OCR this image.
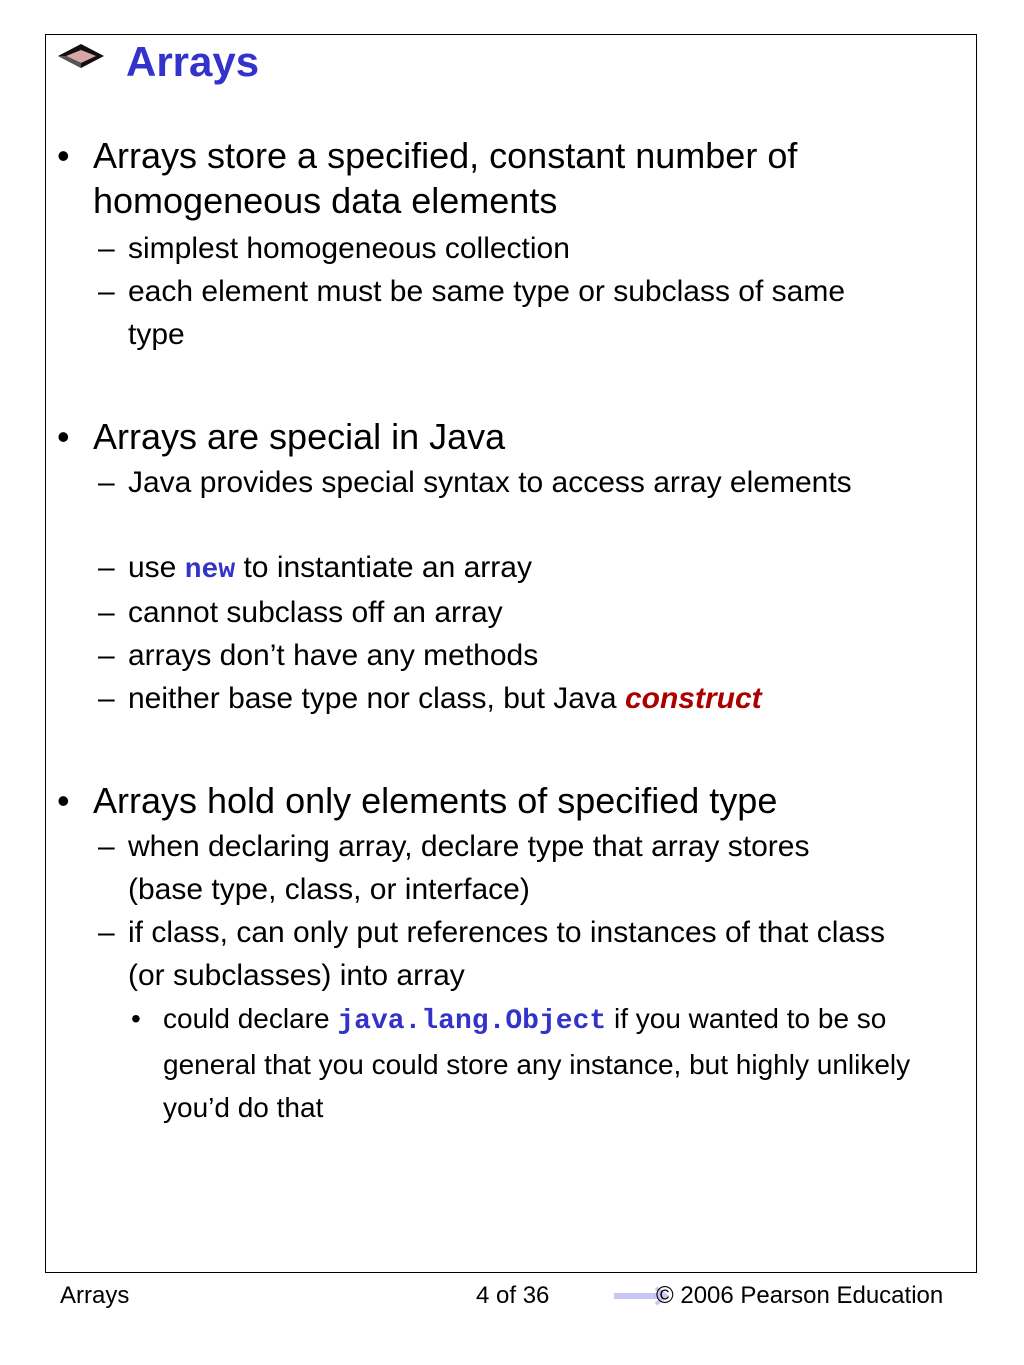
Arrays
• Arrays store a specified, constant number of homogeneous data elements
– simplest homogeneous collection
– each element must be same type or subclass of same type
• Arrays are special in Java
– Java provides special syntax to access array elements
– use new to instantiate an array
– cannot subclass off an array
– arrays don’t have any methods
– neither base type nor class, but Java construct
• Arrays hold only elements of specified type
– when declaring array, declare type that array stores (base type, class, or interface)
– if class, can only put references to instances of that class (or subclasses) into array
• could declare java.lang.Object if you wanted to be so general that you could store any instance, but highly unlikely you’d do that
Arrays	4 of 36	© 2006 Pearson Education
